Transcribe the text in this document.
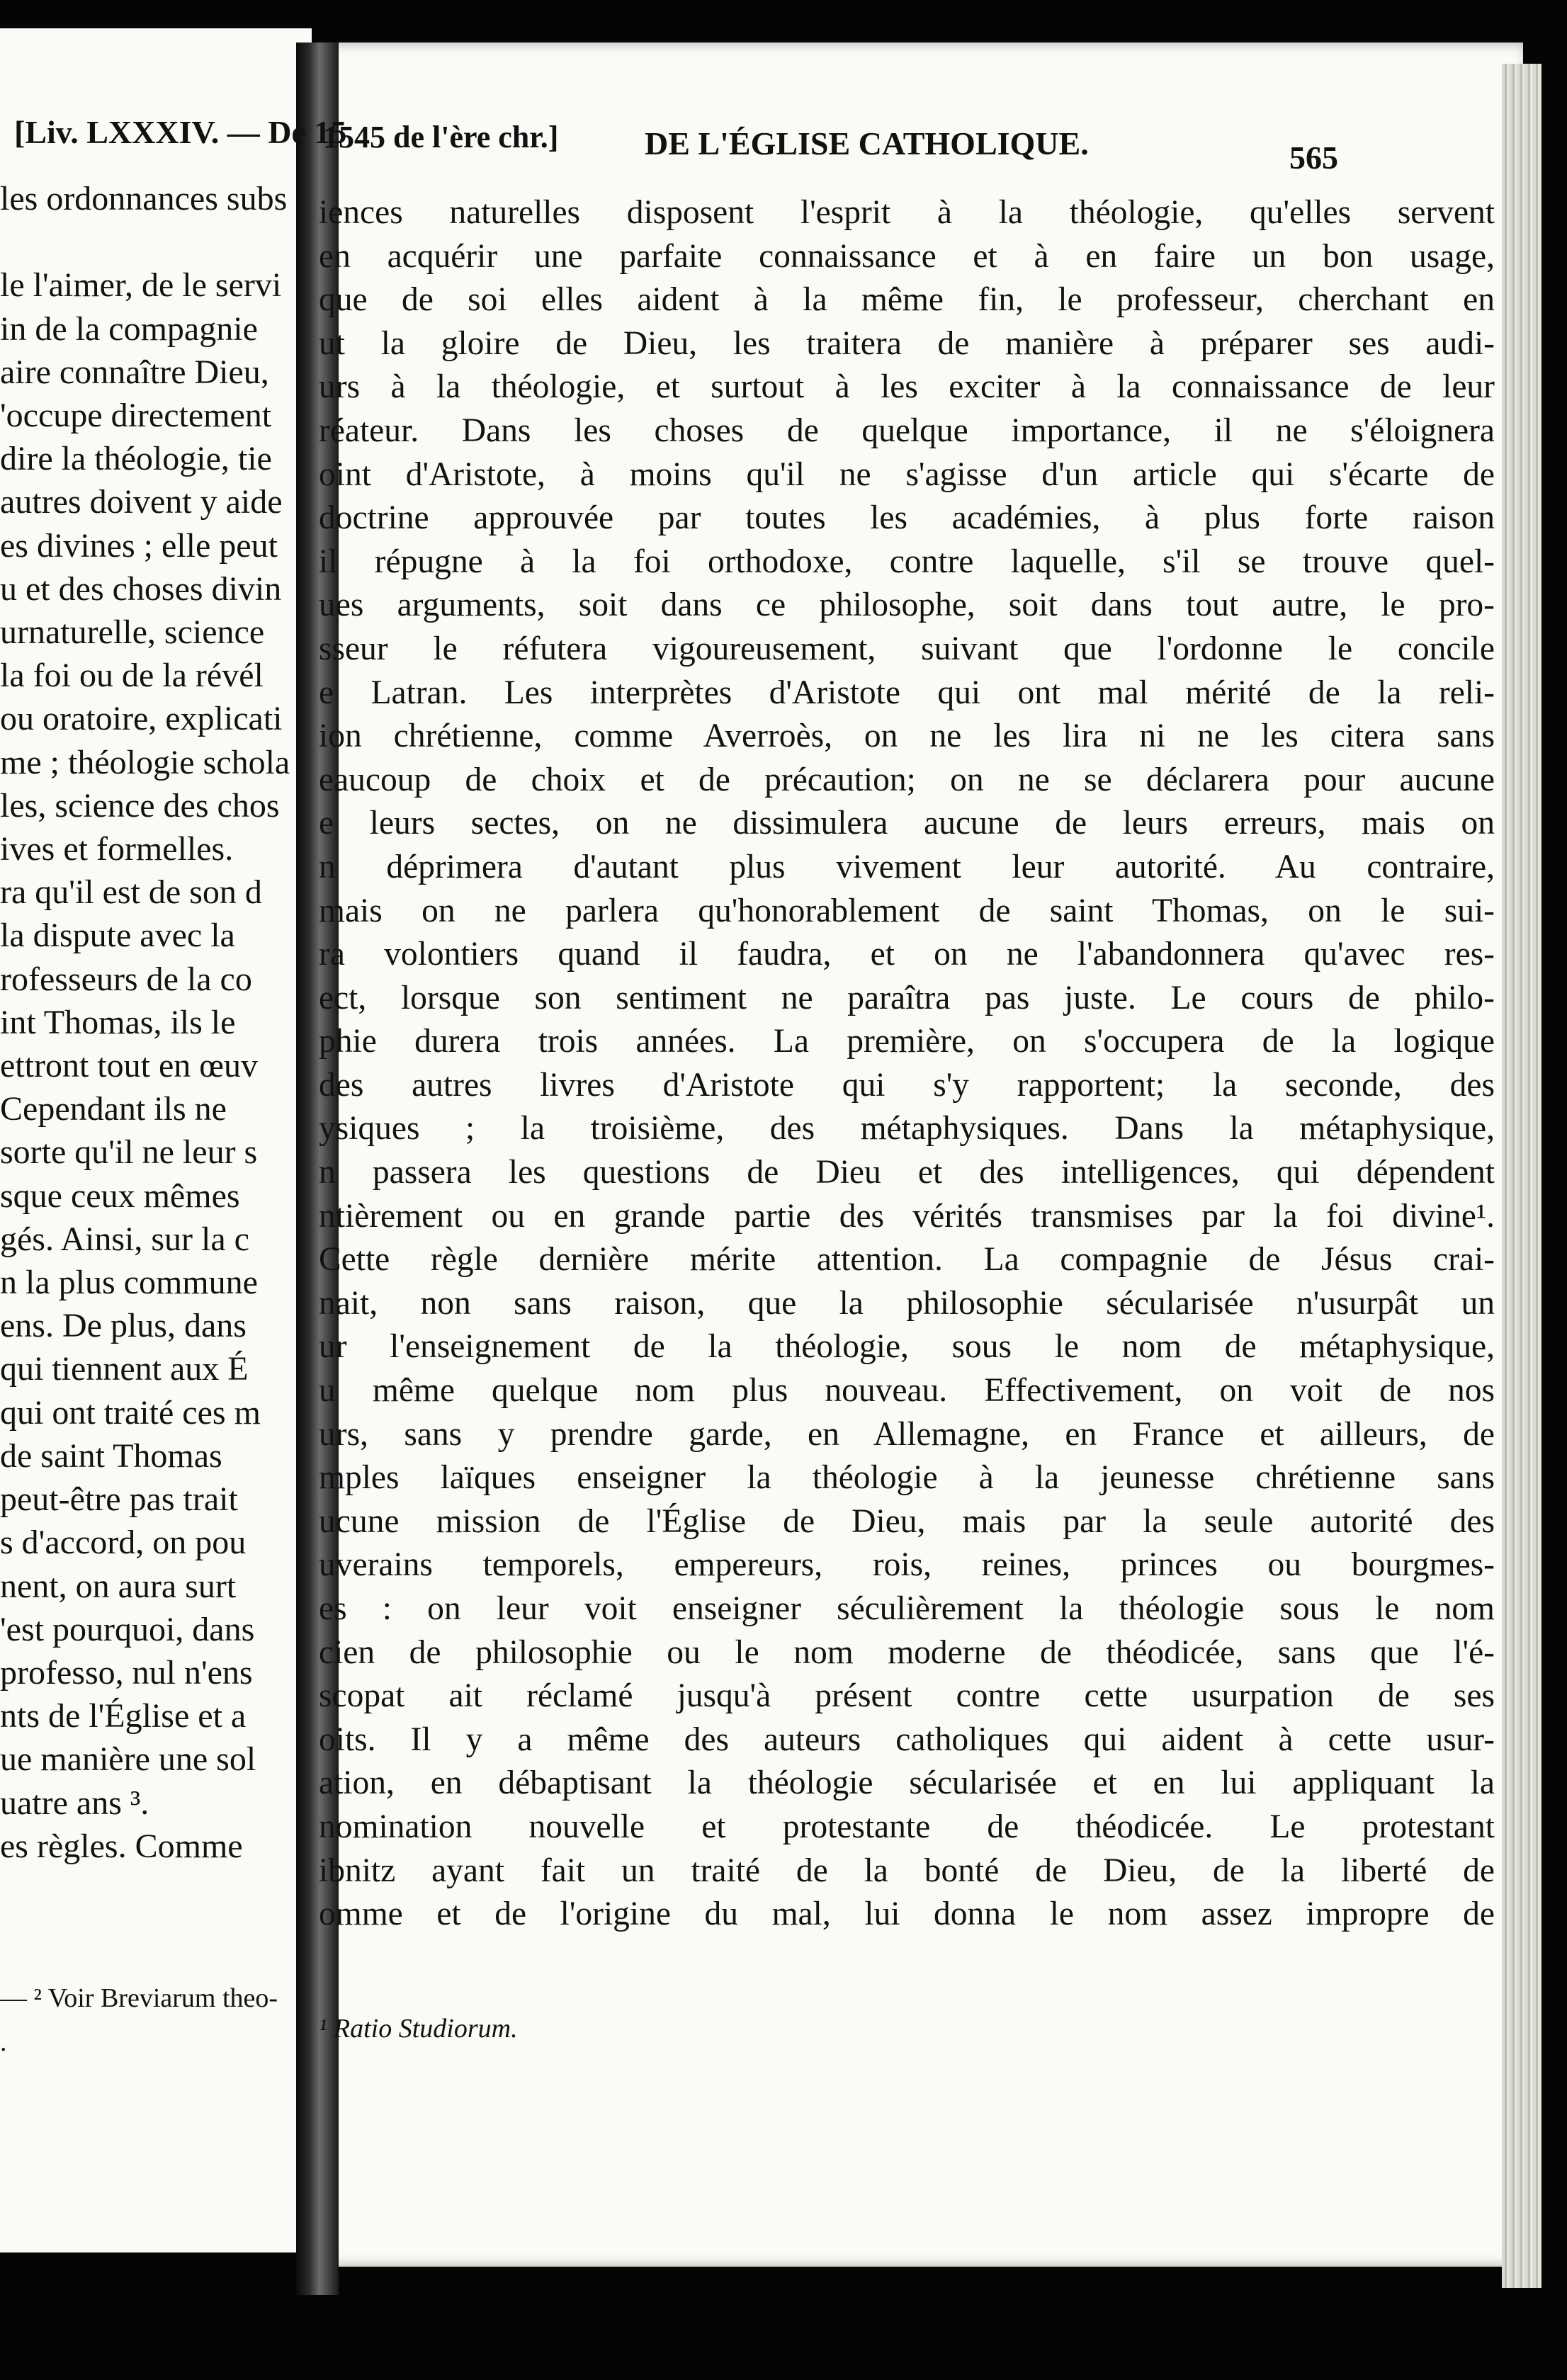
[Liv. LXXXIV. — De 15
les ordonnances subs

le l'aimer, de le servi
in de la compagnie
aire connaître Dieu,
'occupe directement
dire la théologie, tie
autres doivent y aide
es divines ; elle peut
u et des choses divin
urnaturelle, science
la foi ou de la révél
ou oratoire, explicati
me ; théologie schola
les, science des chos
ives et formelles.
ra qu'il est de son d
la dispute avec la
rofesseurs de la co
int Thomas, ils le
ettront tout en œuv
Cependant ils ne
sorte qu'il ne leur s
sque ceux mêmes
gés. Ainsi, sur la c
n la plus commune
ens. De plus, dans
qui tiennent aux É
qui ont traité ces m
de saint Thomas
peut-être pas trait
s d'accord, on pou
nent, on aura surt
'est pourquoi, dans
professo, nul n'ens
nts de l'Église et a
ue manière une sol
uatre ans ³.
es règles. Comme
— ² Voir Breviarum theo-
.
1545 de l'ère chr.]	DE L'ÉGLISE CATHOLIQUE.	565
iences naturelles disposent l'esprit à la théologie, qu'elles servent
en acquérir une parfaite connaissance et à en faire un bon usage,
que de soi elles aident à la même fin, le professeur, cherchant en
ut la gloire de Dieu, les traitera de manière à préparer ses audi-
urs à la théologie, et surtout à les exciter à la connaissance de leur
réateur. Dans les choses de quelque importance, il ne s'éloignera
oint d'Aristote, à moins qu'il ne s'agisse d'un article qui s'écarte de
doctrine approuvée par toutes les académies, à plus forte raison
il répugne à la foi orthodoxe, contre laquelle, s'il se trouve quel-
ues arguments, soit dans ce philosophe, soit dans tout autre, le pro-
sseur le réfutera vigoureusement, suivant que l'ordonne le concile
e Latran. Les interprètes d'Aristote qui ont mal mérité de la reli-
ion chrétienne, comme Averroès, on ne les lira ni ne les citera sans
eaucoup de choix et de précaution; on ne se déclarera pour aucune
e leurs sectes, on ne dissimulera aucune de leurs erreurs, mais on
n déprimera d'autant plus vivement leur autorité. Au contraire,
mais on ne parlera qu'honorablement de saint Thomas, on le sui-
ra volontiers quand il faudra, et on ne l'abandonnera qu'avec res-
ect, lorsque son sentiment ne paraîtra pas juste. Le cours de philo-
phie durera trois années. La première, on s'occupera de la logique
des autres livres d'Aristote qui s'y rapportent; la seconde, des
ysiques ; la troisième, des métaphysiques. Dans la métaphysique,
n passera les questions de Dieu et des intelligences, qui dépendent
ntièrement ou en grande partie des vérités transmises par la foi divine¹.
Cette règle dernière mérite attention. La compagnie de Jésus crai-
nait, non sans raison, que la philosophie sécularisée n'usurpât un
ur l'enseignement de la théologie, sous le nom de métaphysique,
u même quelque nom plus nouveau. Effectivement, on voit de nos
urs, sans y prendre garde, en Allemagne, en France et ailleurs, de
mples laïques enseigner la théologie à la jeunesse chrétienne sans
ucune mission de l'Église de Dieu, mais par la seule autorité des
uverains temporels, empereurs, rois, reines, princes ou bourgmes-
es : on leur voit enseigner séculièrement la théologie sous le nom
cien de philosophie ou le nom moderne de théodicée, sans que l'é-
scopat ait réclamé jusqu'à présent contre cette usurpation de ses
oits. Il y a même des auteurs catholiques qui aident à cette usur-
ation, en débaptisant la théologie sécularisée et en lui appliquant la
nomination nouvelle et protestante de théodicée. Le protestant
ibnitz ayant fait un traité de la bonté de Dieu, de la liberté de
omme et de l'origine du mal, lui donna le nom assez impropre de
¹ Ratio Studiorum.
